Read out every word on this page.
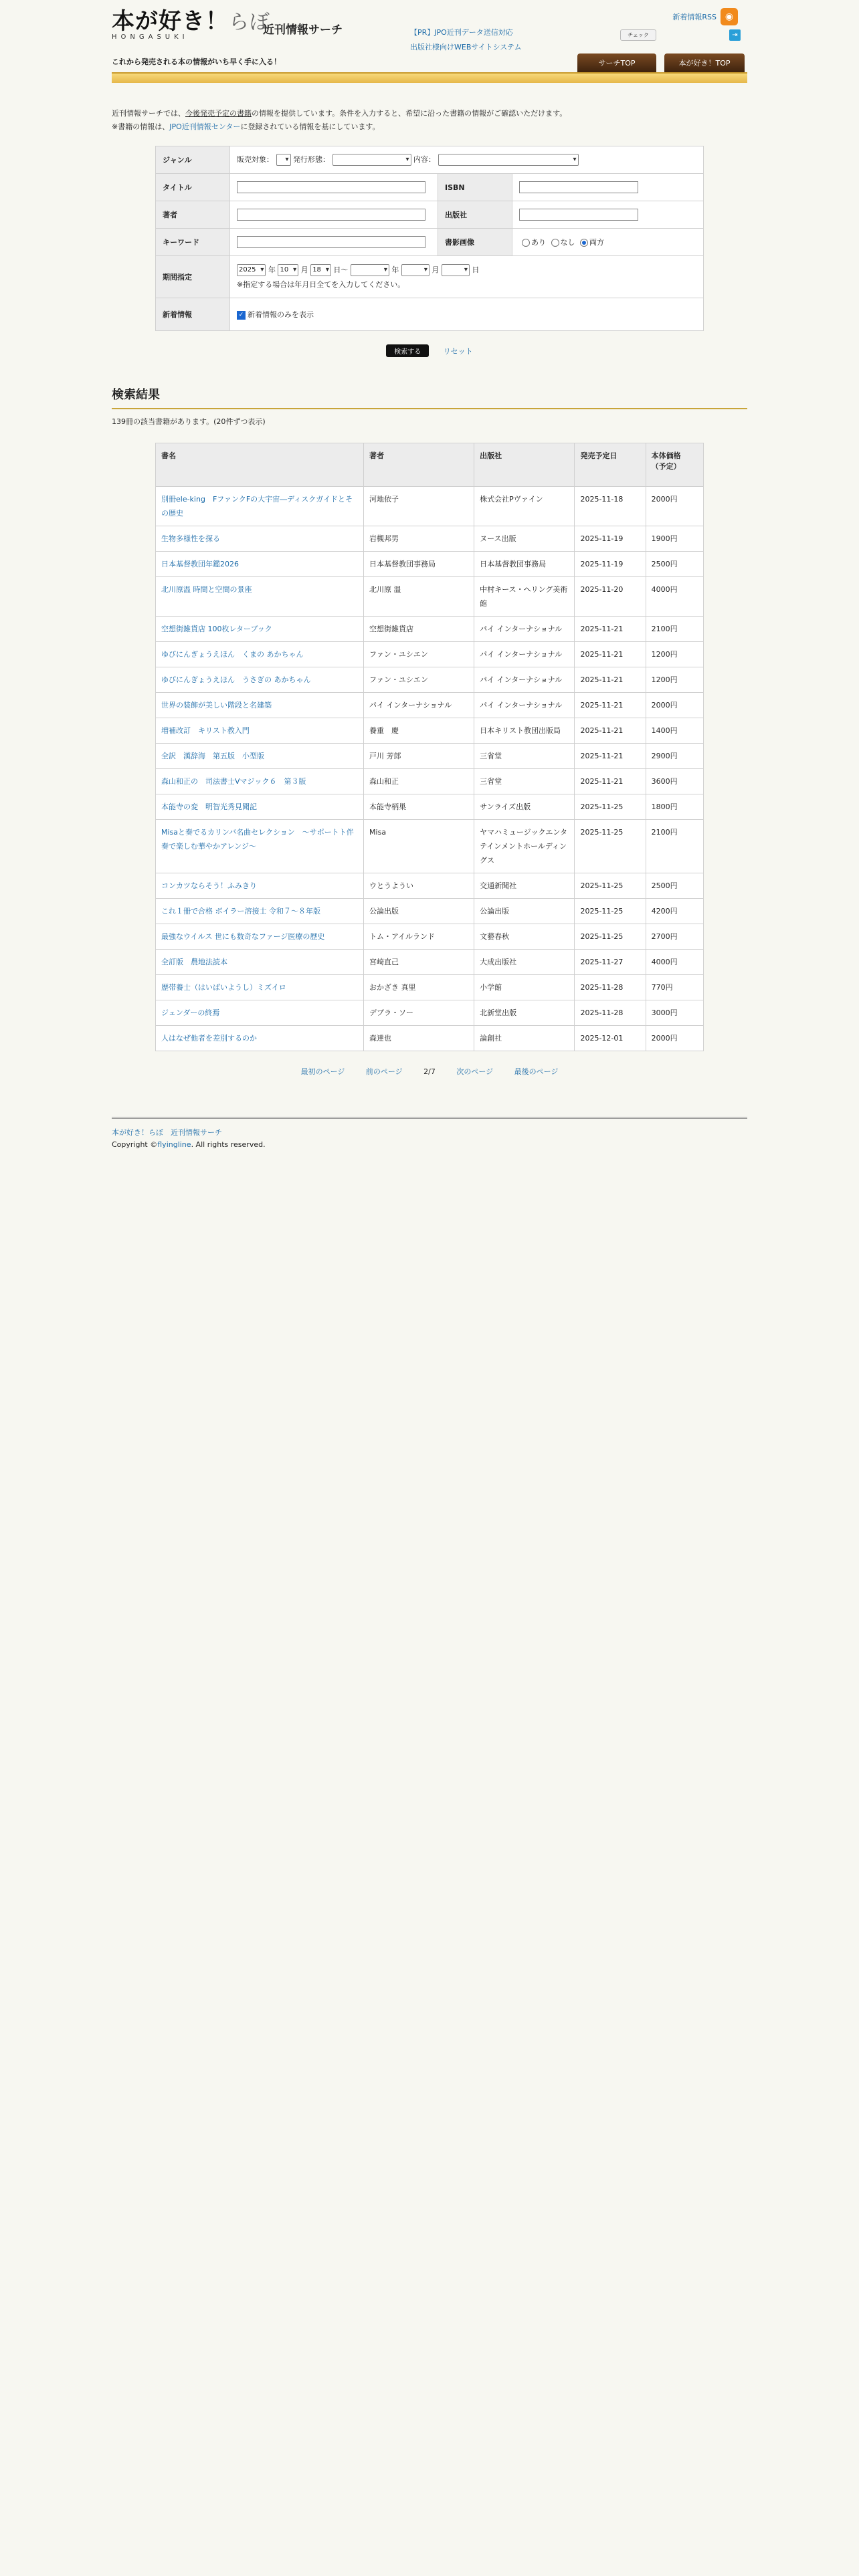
本が好き！らぼ
HONGASUKI
近刊情報サーチ
これから発売される本の情報がいち早く手に入る！
【PR】JPO近刊データ送信対応
出版社様向けWEBサイトシステム
新着情報RSS ◉
チェック	⇥
サーチTOP	本が好き！TOP
近刊情報サーチでは、今後発売予定の書籍の情報を提供しています。条件を入力すると、希望に沿った書籍の情報がご確認いただけます。
※書籍の情報は、JPO近刊情報センターに登録されている情報を基にしています。
ジャンル	販売対象： ▾ 発行形態： ▾ 内容： ▾
タイトル		ISBN	
著者		出版社	
キーワード		書影画像	あり なし 両方
期間指定	2025 ▾ 年 10 ▾ 月 18 ▾ 日～ ▾ 年 ▾ 月 ▾ 日
※指定する場合は年月日全てを入力してください。

新着情報	✓ 新着情報のみを表示		
検索する	リセット
検索結果
139冊の該当書籍があります。(20件ずつ表示)
書名	著者	出版社	発売予定日	本体価格
（予定）
別冊ele-king　FファンクFの大宇宙―ディスクガイドとその歴史	河地依子	株式会社Pヴァイン	2025-11-18	2000円
生物多様性を探る	岩槻邦男	ヌース出版	2025-11-19	1900円
日本基督教団年鑑2026	日本基督教団事務局	日本基督教団事務局	2025-11-19	2500円
北川原温 時間と空間の景座	北川原 温	中村キース・ヘリング美術館	2025-11-20	4000円
空想街雑貨店 100枚レターブック	空想街雑貨店	パイ インターナショナル	2025-11-21	2100円
ゆびにんぎょうえほん　くまの あかちゃん	ファン・ユシエン	パイ インターナショナル	2025-11-21	1200円
ゆびにんぎょうえほん　うさぎの あかちゃん	ファン・ユシエン	パイ インターナショナル	2025-11-21	1200円
世界の装飾が美しい階段と名建築	パイ インターナショナル	パイ インターナショナル	2025-11-21	2000円
増補改訂　キリスト教入門	養重　慶	日本キリスト教団出版局	2025-11-21	1400円
全訳　漢辞海　第五版　小型版	戸川 芳郎	三省堂	2025-11-21	2900円
森山和正の　司法書士Vマジック６　第３版	森山和正	三省堂	2025-11-21	3600円
本能寺の変　明智光秀見聞記	本能寺柄巣	サンライズ出版	2025-11-25	1800円
Misaと奏でるカリンバ名曲セレクション　～サポートト伴奏で楽しむ華やかアレンジ～	Misa	ヤマハミュージックエンタテインメントホールディングス	2025-11-25	2100円
コンカツならそう！ふみきり	ウとうようい	交通新聞社	2025-11-25	2500円
これ１冊で合格 ボイラー溶接士 令和７～８年版	公論出版	公論出版	2025-11-25	4200円
最強なウイルス 世にも数奇なファージ医療の歴史	トム・アイルランド	文藝春秋	2025-11-25	2700円
全訂版　農地法読本	宮崎直己	大成出版社	2025-11-27	4000円
歴帯養士（はいばいようし）ミズイロ	おかざき 真里	小学館	2025-11-28	770円
ジェンダーの終焉	デブラ・ソー	北新堂出版	2025-11-28	3000円
人はなぜ他者を差別するのか	森達也	論創社	2025-12-01	2000円
最初のページ	前のページ	2/7	次のページ	最後のページ
本が好き！らぼ　近刊情報サーチ
Copyright ©flyingline. All rights reserved.
